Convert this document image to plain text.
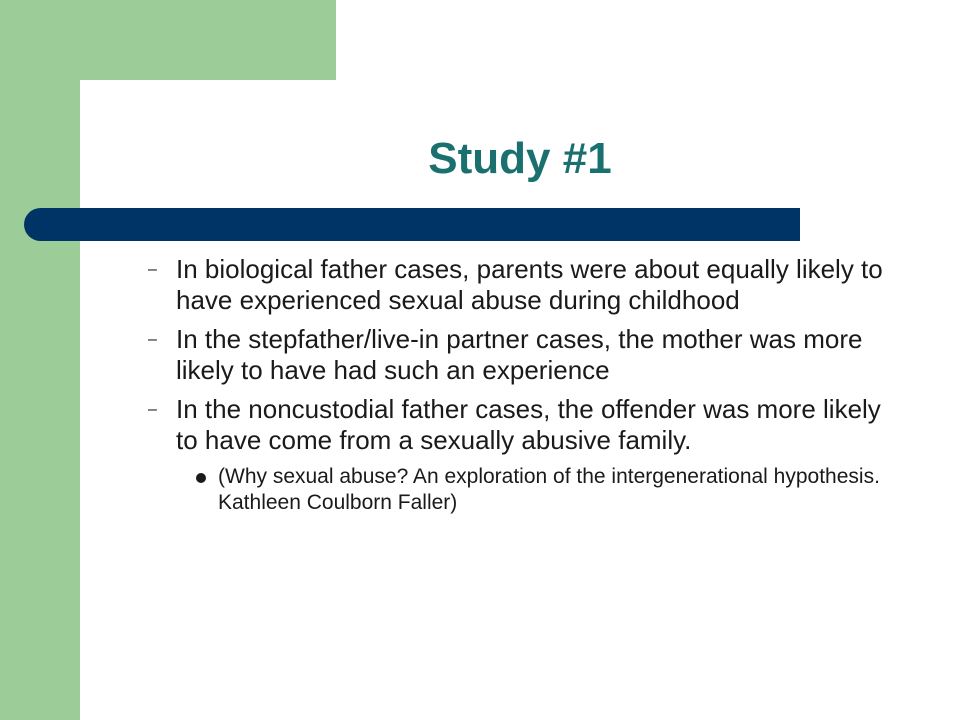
Study #1
– In biological father cases, parents were about equally likely to have experienced sexual abuse during childhood
– In the stepfather/live-in partner cases, the mother was more likely to have had such an experience
– In the noncustodial father cases, the offender was more likely to have come from a sexually abusive family.
(Why sexual abuse? An exploration of the intergenerational hypothesis. Kathleen Coulborn Faller)
